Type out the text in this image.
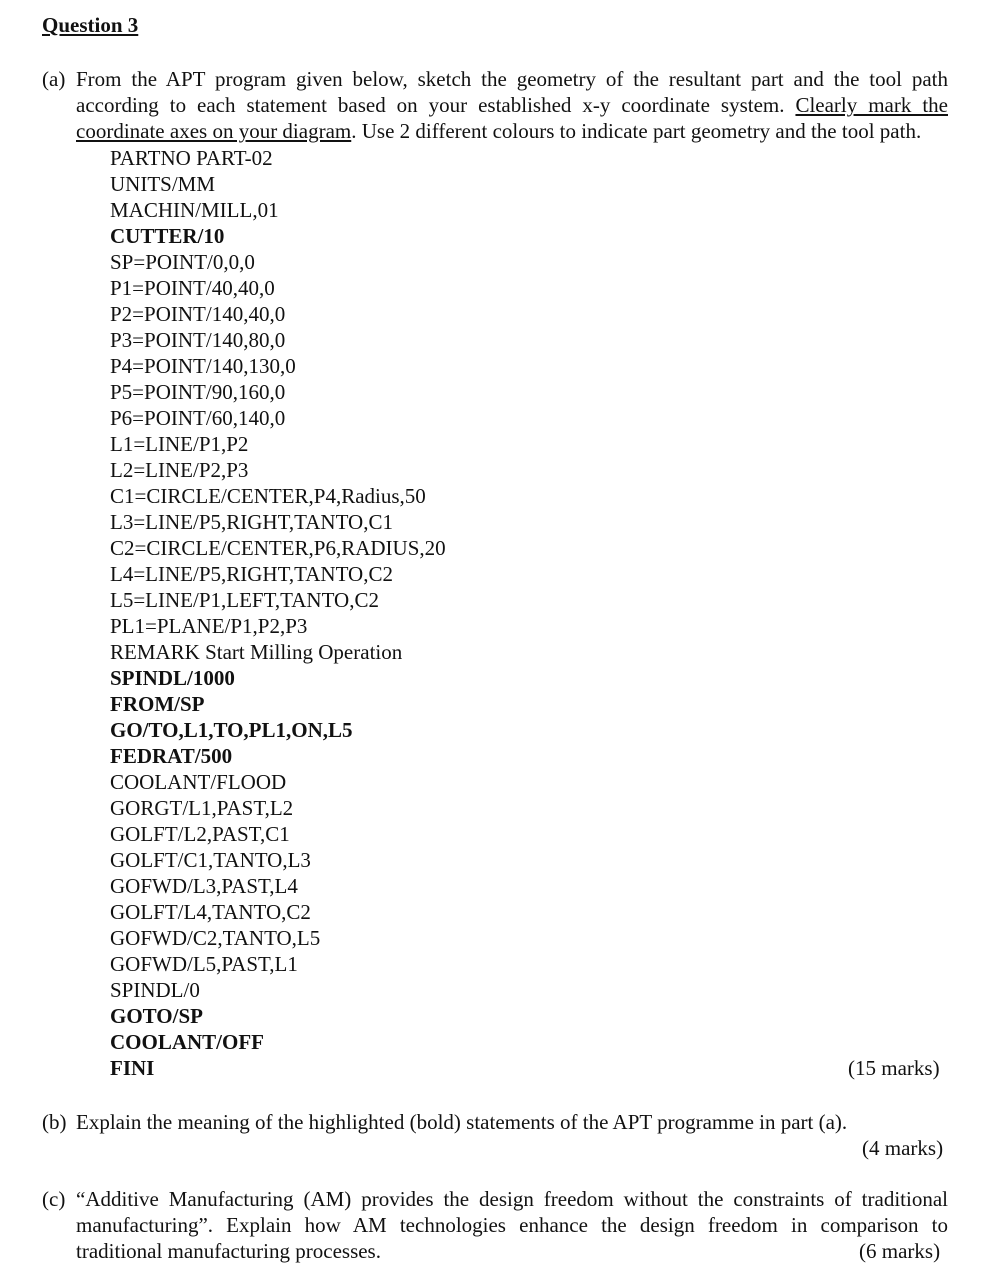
Question 3
(a) From the APT program given below, sketch the geometry of the resultant part and the tool path according to each statement based on your established x-y coordinate system. Clearly mark the coordinate axes on your diagram. Use 2 different colours to indicate part geometry and the tool path.
PARTNO PART-02
UNITS/MM
MACHIN/MILL,01
CUTTER/10
SP=POINT/0,0,0
P1=POINT/40,40,0
P2=POINT/140,40,0
P3=POINT/140,80,0
P4=POINT/140,130,0
P5=POINT/90,160,0
P6=POINT/60,140,0
L1=LINE/P1,P2
L2=LINE/P2,P3
C1=CIRCLE/CENTER,P4,Radius,50
L3=LINE/P5,RIGHT,TANTO,C1
C2=CIRCLE/CENTER,P6,RADIUS,20
L4=LINE/P5,RIGHT,TANTO,C2
L5=LINE/P1,LEFT,TANTO,C2
PL1=PLANE/P1,P2,P3
REMARK Start Milling Operation
SPINDL/1000
FROM/SP
GO/TO,L1,TO,PL1,ON,L5
FEDRAT/500
COOLANT/FLOOD
GORGT/L1,PAST,L2
GOLFT/L2,PAST,C1
GOLFT/C1,TANTO,L3
GOFWD/L3,PAST,L4
GOLFT/L4,TANTO,C2
GOFWD/C2,TANTO,L5
GOFWD/L5,PAST,L1
SPINDL/0
GOTO/SP
COOLANT/OFF
FINI	(15 marks)
(b) Explain the meaning of the highlighted (bold) statements of the APT programme in part (a).
(4 marks)
(c) “Additive Manufacturing (AM) provides the design freedom without the constraints of traditional manufacturing”. Explain how AM technologies enhance the design freedom in comparison to traditional manufacturing processes.	(6 marks)
